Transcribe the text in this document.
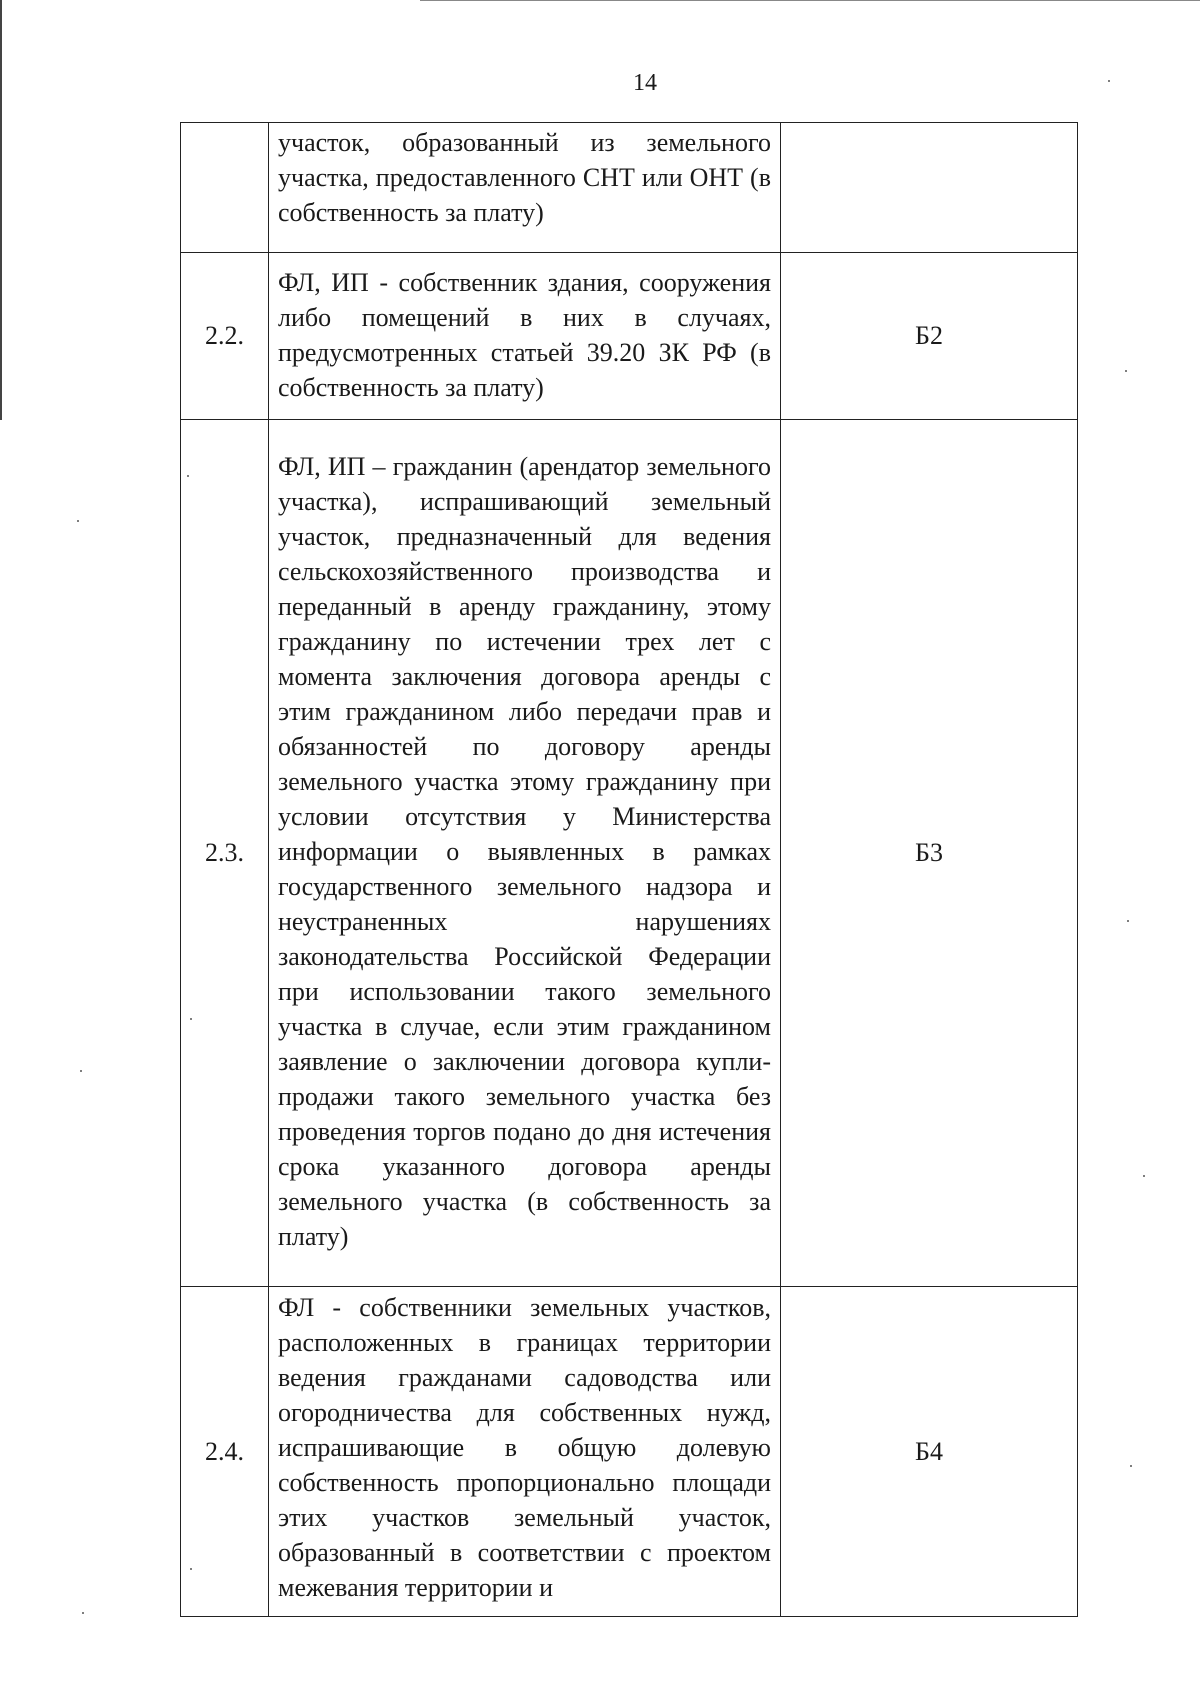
14
	участок, образованный из земельного участка, предоставленного СНТ или ОНТ (в собственность за плату)	
2.2.	ФЛ, ИП - собственник здания, сооружения либо помещений в них в случаях, предусмотренных статьей 39.20 ЗК РФ (в собственность за плату)	Б2
2.3.	ФЛ, ИП – гражданин (арендатор земельного участка), испрашивающий земельный участок, предназначенный для ведения сельскохозяйственного производства и переданный в аренду гражданину, этому гражданину по истечении трех лет с момента заключения договора аренды с этим гражданином либо передачи прав и обязанностей по договору аренды земельного участка этому гражданину при условии отсутствия у Министерства информации о выявленных в рамках государственного земельного надзора и неустраненных нарушениях законодательства Российской Федерации при использовании такого земельного участка в случае, если этим гражданином заявление о заключении договора купли-продажи такого земельного участка без проведения торгов подано до дня истечения срока указанного договора аренды земельного участка (в собственность за плату)	Б3
2.4.	ФЛ - собственники земельных участков, расположенных в границах территории ведения гражданами садоводства или огородничества для собственных нужд, испрашивающие в общую долевую собственность пропорционально площади этих участков земельный участок, образованный в соответствии с проектом межевания территории и	Б4
